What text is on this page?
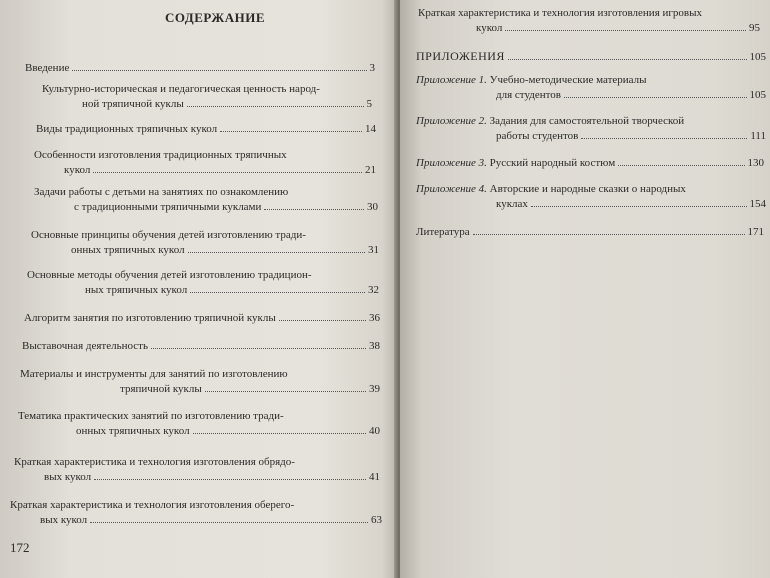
СОДЕРЖАНИЕ
Введение	3
Культурно-историческая и педагогическая ценность народ-
ной тряпичной куклы	5
Виды традиционных тряпичных кукол	14
Особенности изготовления традиционных тряпичных
кукол	21
Задачи работы с детьми на занятиях по ознакомлению
с традиционными тряпичными куклами	30
Основные принципы обучения детей изготовлению тради-
онных тряпичных кукол	31
Основные методы обучения детей изготовлению традицион-
ных тряпичных кукол	32
Алгоритм занятия по изготовлению тряпичной куклы	36
Выставочная деятельность	38
Материалы и инструменты для занятий по изготовлению
тряпичной куклы	39
Тематика практических занятий по изготовлению тради-
онных тряпичных кукол	40
Краткая характеристика и технология изготовления обрядо-
вых кукол	41
Краткая характеристика и технология изготовления оберего-
вых кукол	63
172
Краткая характеристика и технология изготовления игровых
кукол	95
ПРИЛОЖЕНИЯ	105
Приложение 1. Учебно-методические материалы
для студентов	105
Приложение 2. Задания для самостоятельной творческой
работы студентов	111
Приложение 3. Русский народный костюм	130
Приложение 4. Авторские и народные сказки о народных
куклах	154
Литература	171
